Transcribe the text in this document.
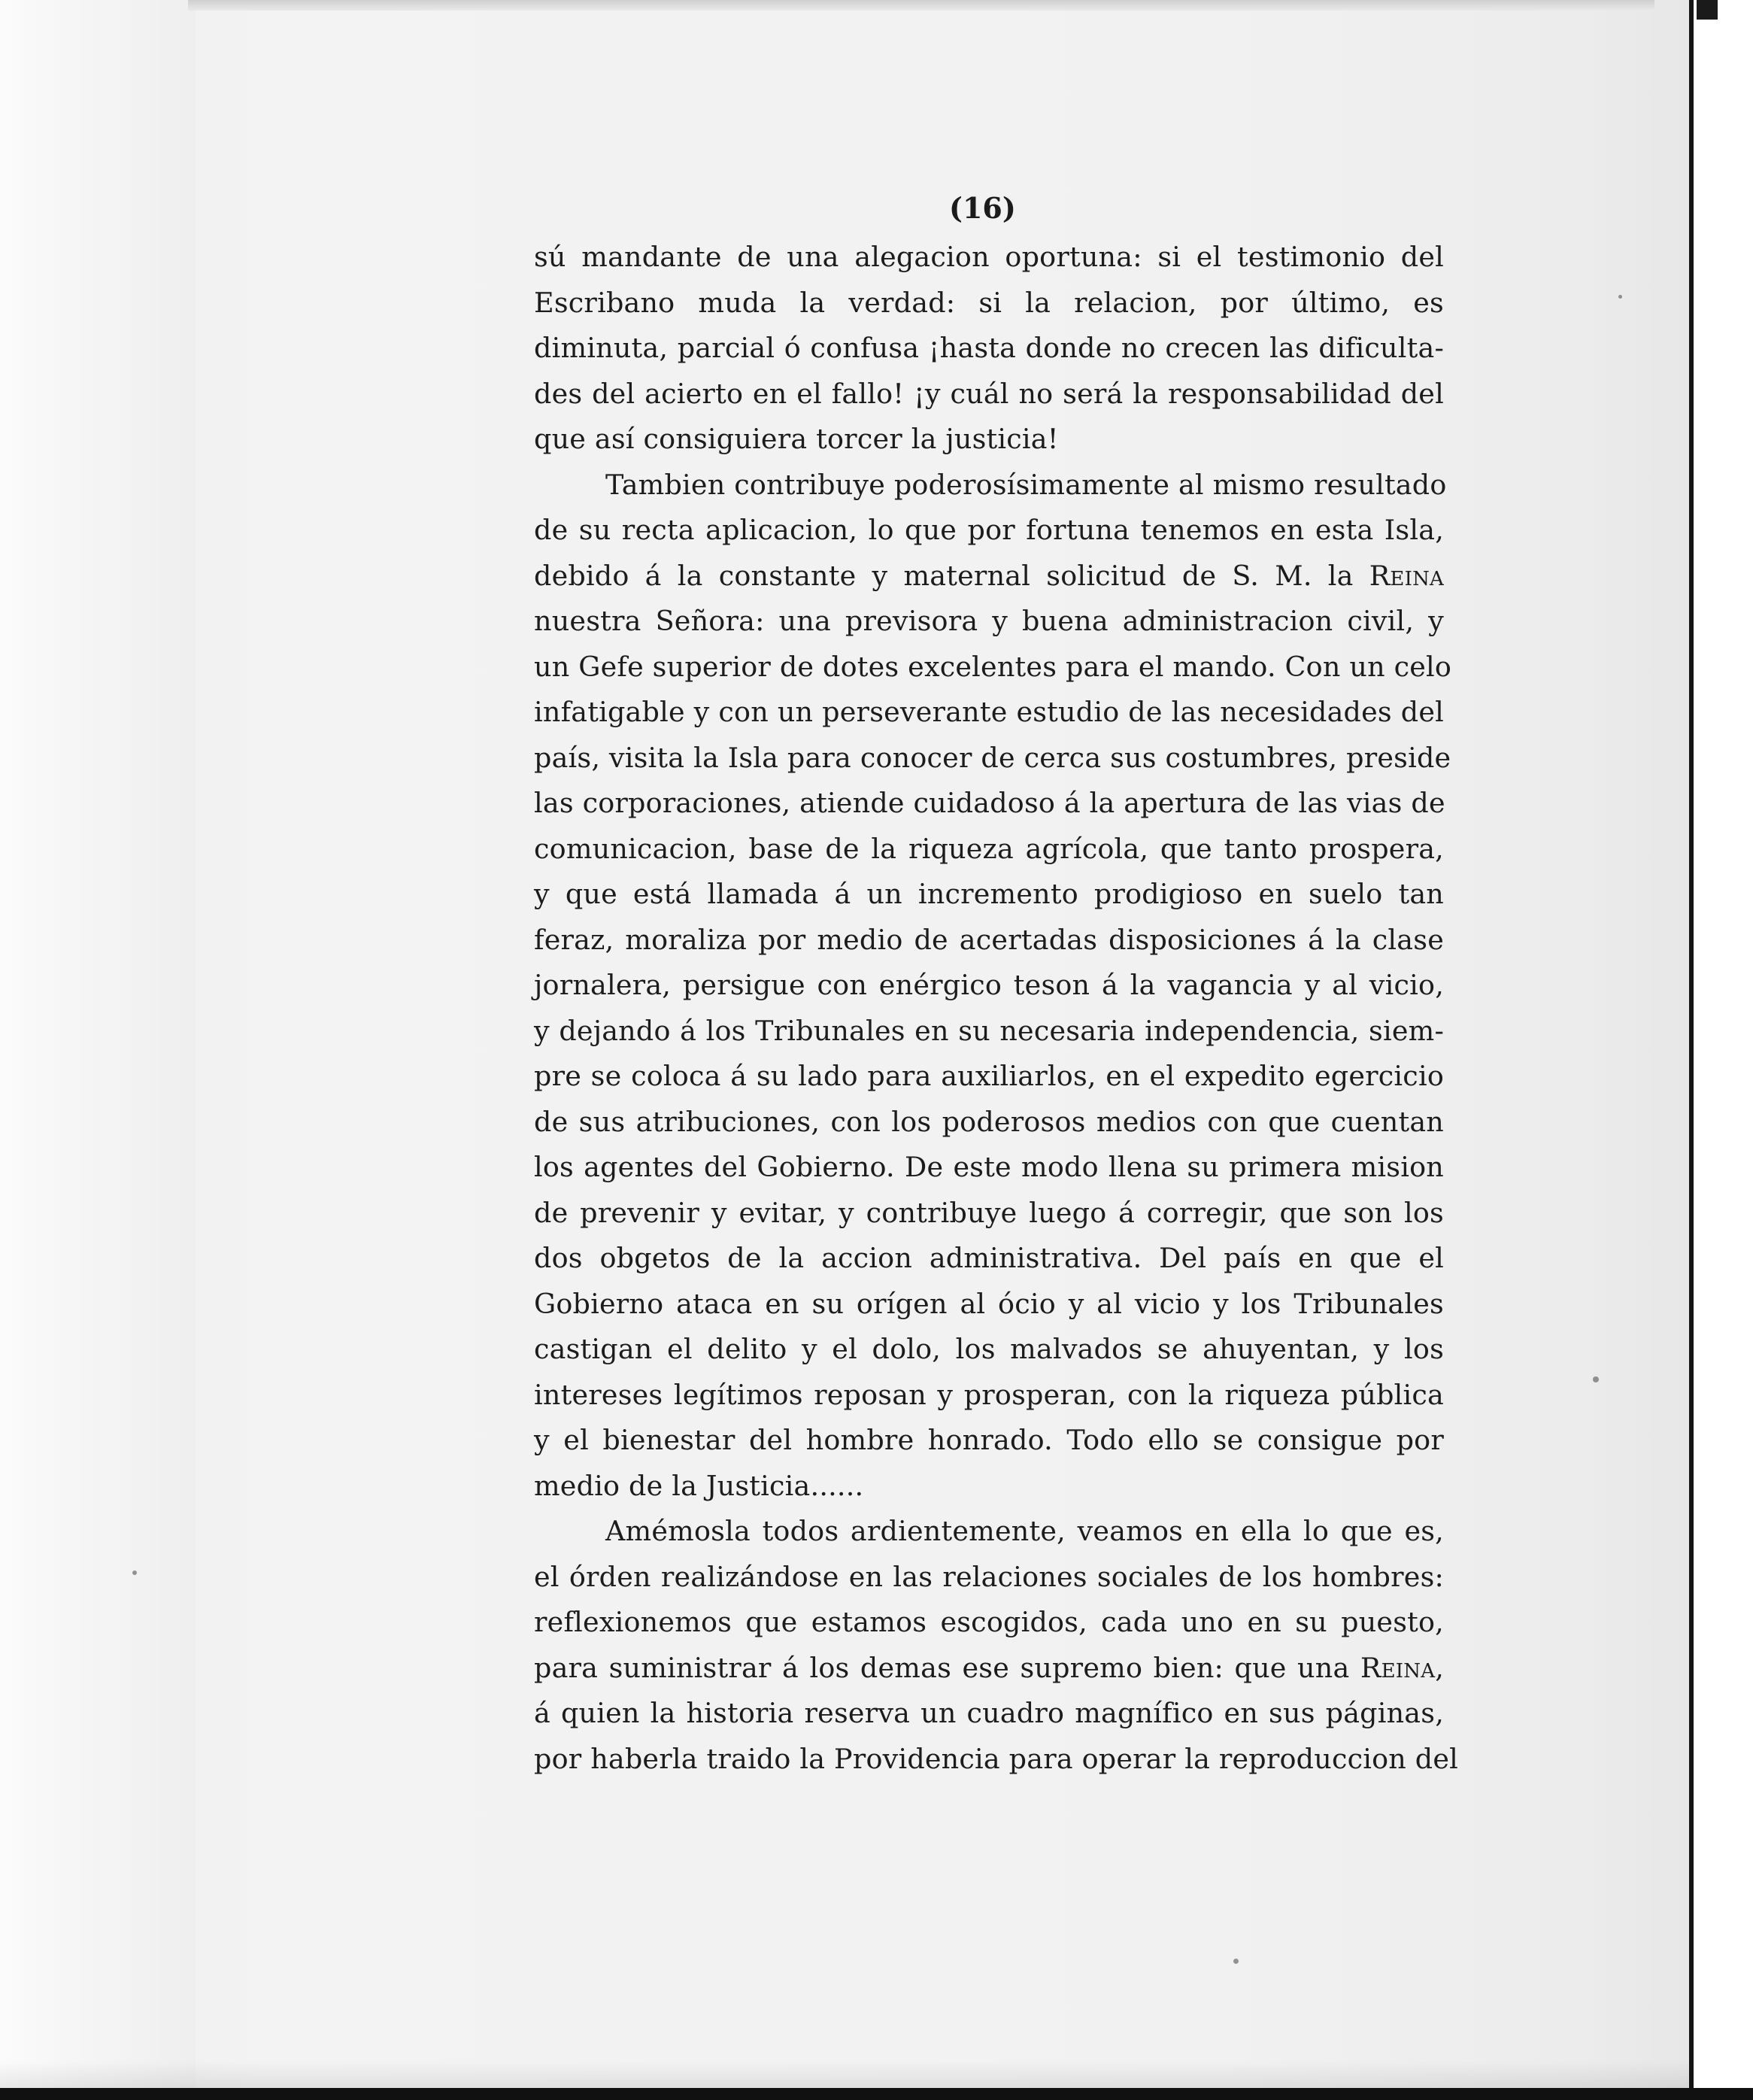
(16)
sú mandante de una alegacion oportuna: si el testimonio del
Escribano muda la verdad: si la relacion, por último, es
diminuta, parcial ó confusa ¡hasta donde no crecen las dificulta-
des del acierto en el fallo! ¡y cuál no será la responsabilidad del
que así consiguiera torcer la justicia!
Tambien contribuye poderosísimamente al mismo resultado
de su recta aplicacion, lo que por fortuna tenemos en esta Isla,
debido á la constante y maternal solicitud de S. M. la Reina
nuestra Señora: una previsora y buena administracion civil, y
un Gefe superior de dotes excelentes para el mando. Con un celo
infatigable y con un perseverante estudio de las necesidades del
país, visita la Isla para conocer de cerca sus costumbres, preside
las corporaciones, atiende cuidadoso á la apertura de las vias de
comunicacion, base de la riqueza agrícola, que tanto prospera,
y que está llamada á un incremento prodigioso en suelo tan
feraz, moraliza por medio de acertadas disposiciones á la clase
jornalera, persigue con enérgico teson á la vagancia y al vicio,
y dejando á los Tribunales en su necesaria independencia, siem-
pre se coloca á su lado para auxiliarlos, en el expedito egercicio
de sus atribuciones, con los poderosos medios con que cuentan
los agentes del Gobierno. De este modo llena su primera mision
de prevenir y evitar, y contribuye luego á corregir, que son los
dos obgetos de la accion administrativa. Del país en que el
Gobierno ataca en su orígen al ócio y al vicio y los Tribunales
castigan el delito y el dolo, los malvados se ahuyentan, y los
intereses legítimos reposan y prosperan, con la riqueza pública
y el bienestar del hombre honrado. Todo ello se consigue por
medio de la Justicia......
Amémosla todos ardientemente, veamos en ella lo que es,
el órden realizándose en las relaciones sociales de los hombres:
reflexionemos que estamos escogidos, cada uno en su puesto,
para suministrar á los demas ese supremo bien: que una Reina,
á quien la historia reserva un cuadro magnífico en sus páginas,
por haberla traido la Providencia para operar la reproduccion del
